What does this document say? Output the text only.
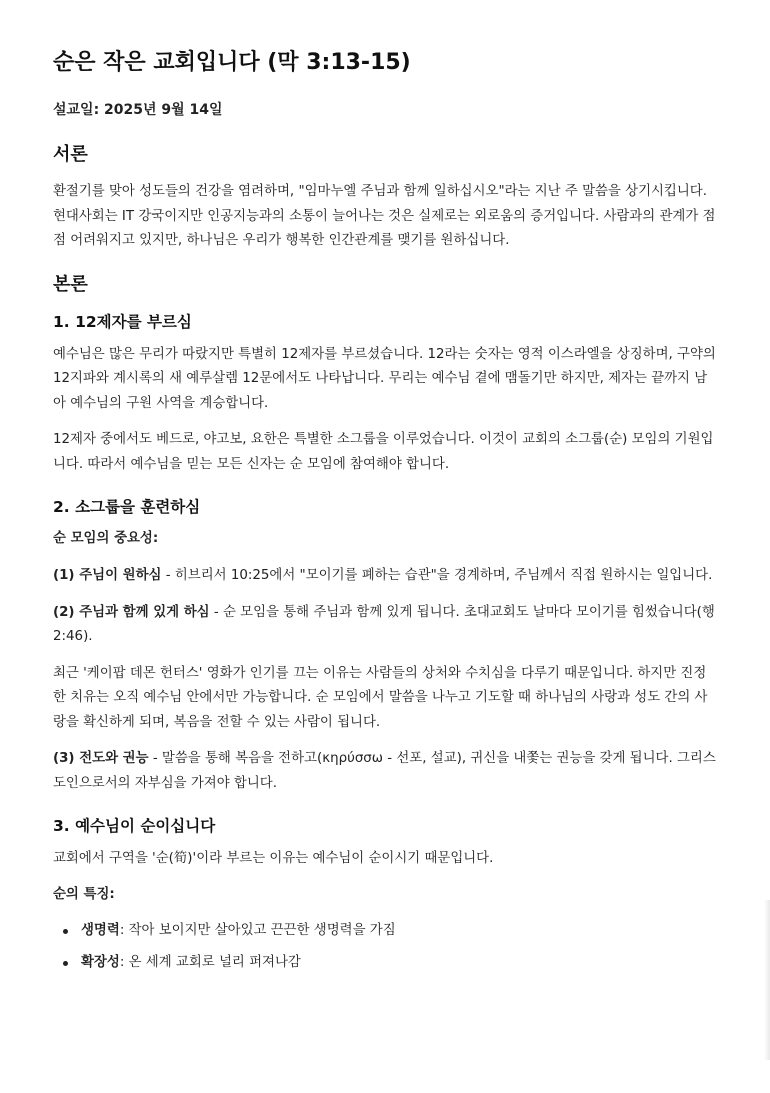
순은 작은 교회입니다 (막 3:13-15)
설교일: 2025년 9월 14일
서론

환절기를 맞아 성도들의 건강을 염려하며, "임마누엘 주님과 함께 일하십시오"라는 지난 주 말씀을 상기시킵니다. 현대사회는 IT 강국이지만 인공지능과의 소통이 늘어나는 것은 실제로는 외로움의 증거입니다. 사람과의 관계가 점점 어려워지고 있지만, 하나님은 우리가 행복한 인간관계를 맺기를 원하십니다.

본론
1. 12제자를 부르심

예수님은 많은 무리가 따랐지만 특별히 12제자를 부르셨습니다. 12라는 숫자는 영적 이스라엘을 상징하며, 구약의 12지파와 계시록의 새 예루살렘 12문에서도 나타납니다. 무리는 예수님 곁에 맴돌기만 하지만, 제자는 끝까지 남아 예수님의 구원 사역을 계승합니다.

12제자 중에서도 베드로, 야고보, 요한은 특별한 소그룹을 이루었습니다. 이것이 교회의 소그룹(순) 모임의 기원입니다. 따라서 예수님을 믿는 모든 신자는 순 모임에 참여해야 합니다.

2. 소그룹을 훈련하심
순 모임의 중요성:

(1) 주님이 원하심 - 히브리서 10:25에서 "모이기를 폐하는 습관"을 경계하며, 주님께서 직접 원하시는 일입니다.

(2) 주님과 함께 있게 하심 - 순 모임을 통해 주님과 함께 있게 됩니다. 초대교회도 날마다 모이기를 힘썼습니다(행 2:46).

최근 '케이팝 데몬 헌터스' 영화가 인기를 끄는 이유는 사람들의 상처와 수치심을 다루기 때문입니다. 하지만 진정한 치유는 오직 예수님 안에서만 가능합니다. 순 모임에서 말씀을 나누고 기도할 때 하나님의 사랑과 성도 간의 사랑을 확신하게 되며, 복음을 전할 수 있는 사람이 됩니다.

(3) 전도와 권능 - 말씀을 통해 복음을 전하고(κηρύσσω - 선포, 설교), 귀신을 내쫓는 권능을 갖게 됩니다. 그리스도인으로서의 자부심을 가져야 합니다.

3. 예수님이 순이십니다

교회에서 구역을 '순(筍)'이라 부르는 이유는 예수님이 순이시기 때문입니다.

순의 특징:
생명력: 작아 보이지만 살아있고 끈끈한 생명력을 가짐
확장성: 온 세계 교회로 널리 퍼져나감
